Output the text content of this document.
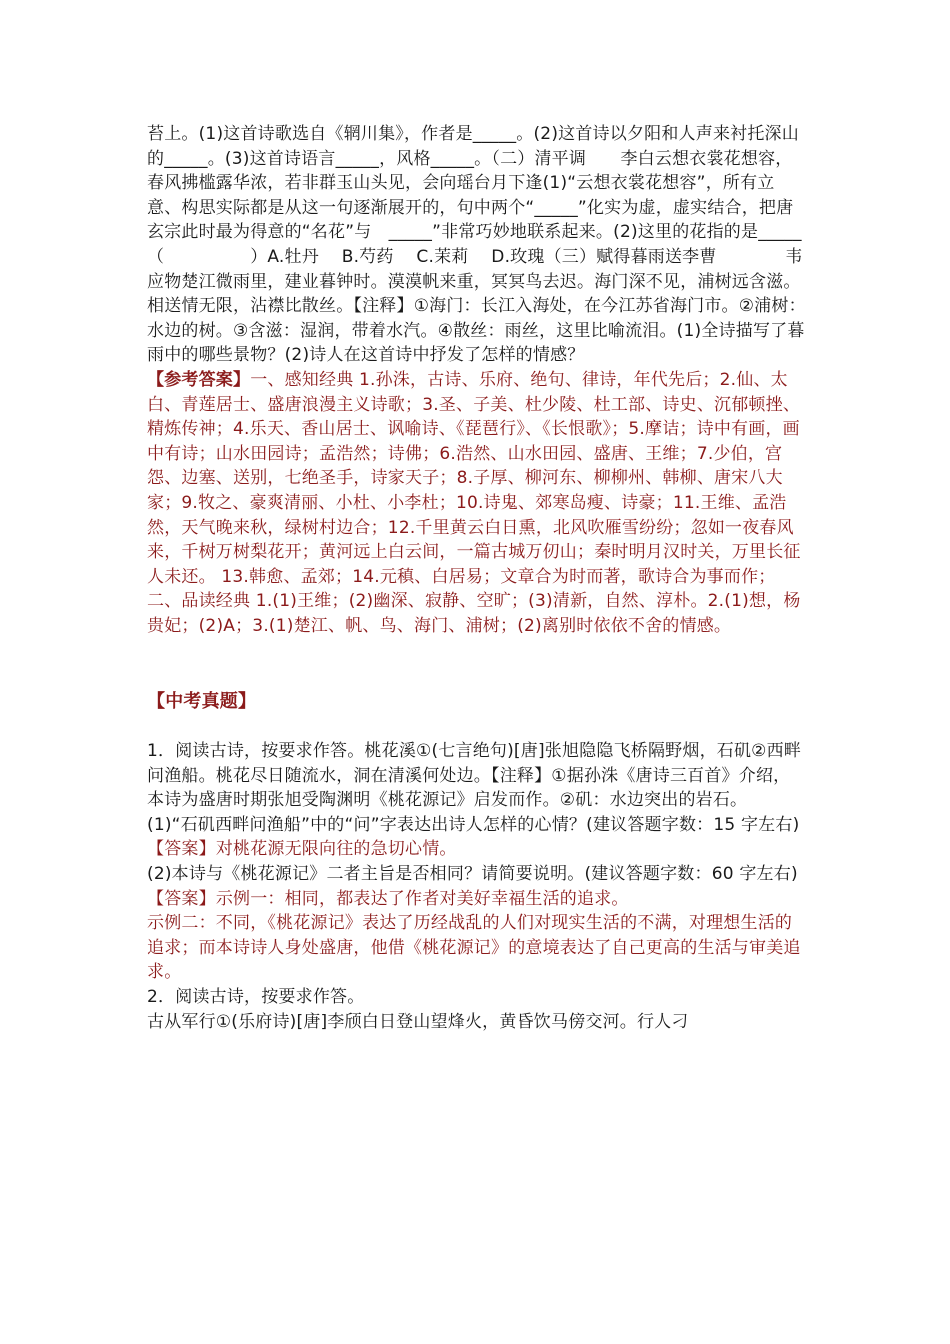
苔上。(1)这首诗歌选自《辋川集》，作者是_____。(2)这首诗以夕阳和人声来衬托深山的_____。(3)这首诗语言_____，风格_____。（二）清平调　　李白云想衣裳花想容，春风拂槛露华浓，若非群玉山头见，会向瑶台月下逢(1)“云想衣裳花想容”，所有立意、构思实际都是从这一句逐渐展开的，句中两个“_____”化实为虚，虚实结合，把唐玄宗此时最为得意的“名花”与　_____”非常巧妙地联系起来。(2)这里的花指的是_____（　　　　　）A.牡丹　 B.芍药　 C.茉莉　 D.玫瑰（三）赋得暮雨送李曹　　　　韦应物楚江微雨里，建业暮钟时。漠漠帆来重，冥冥鸟去迟。海门深不见，浦树远含滋。相送情无限，沾襟比散丝。【注释】①海门：长江入海处，在今江苏省海门市。②浦树：水边的树。③含滋：湿润，带着水汽。④散丝：雨丝，这里比喻流泪。(1)全诗描写了暮雨中的哪些景物？(2)诗人在这首诗中抒发了怎样的情感？

【参考答案】一、感知经典 1.孙洙，古诗、乐府、绝句、律诗，年代先后；2.仙、太白、青莲居士、盛唐浪漫主义诗歌；3.圣、子美、杜少陵、杜工部、诗史、沉郁顿挫、精炼传神；4.乐天、香山居士、讽喻诗、《琵琶行》、《长恨歌》；5.摩诘；诗中有画，画中有诗；山水田园诗；孟浩然；诗佛；6.浩然、山水田园、盛唐、王维；7.少伯，宫怨、边塞、送别，七绝圣手，诗家天子；8.子厚、柳河东、柳柳州、韩柳、唐宋八大家；9.牧之、豪爽清丽、小杜、小李杜；10.诗鬼、郊寒岛瘦、诗豪；11.王维、孟浩然，天气晚来秋，绿树村边合；12.千里黄云白日熏，北风吹雁雪纷纷；忽如一夜春风来，千树万树梨花开；黄河远上白云间，一篇古城万仞山；秦时明月汉时关，万里长征人未还。 13.韩愈、孟郊；14.元稹、白居易；文章合为时而著，歌诗合为事而作；

二、品读经典 1.(1)王维；(2)幽深、寂静、空旷；(3)清新，自然、淳朴。2.(1)想，杨贵妃；(2)A；3.(1)楚江、帆、鸟、海门、浦树；(2)离别时依依不舍的情感。

【中考真题】

1．阅读古诗，按要求作答。桃花溪①(七言绝句)[唐]张旭隐隐飞桥隔野烟，石矶②西畔问渔船。桃花尽日随流水，洞在清溪何处边。【注释】①据孙洙《唐诗三百首》介绍，本诗为盛唐时期张旭受陶渊明《桃花源记》启发而作。②矶：水边突出的岩石。

(1)“石矶西畔问渔船”中的“问”字表达出诗人怎样的心情？(建议答题字数：15 字左右)

【答案】对桃花源无限向往的急切心情。

(2)本诗与《桃花源记》二者主旨是否相同？请简要说明。(建议答题字数：60 字左右)

【答案】示例一：相同，都表达了作者对美好幸福生活的追求。

示例二：不同，《桃花源记》表达了历经战乱的人们对现实生活的不满，对理想生活的追求；而本诗诗人身处盛唐，他借《桃花源记》的意境表达了自己更高的生活与审美追求。

2．阅读古诗，按要求作答。

古从军行①(乐府诗)[唐]李颀白日登山望烽火，黄昏饮马傍交河。行人刁
